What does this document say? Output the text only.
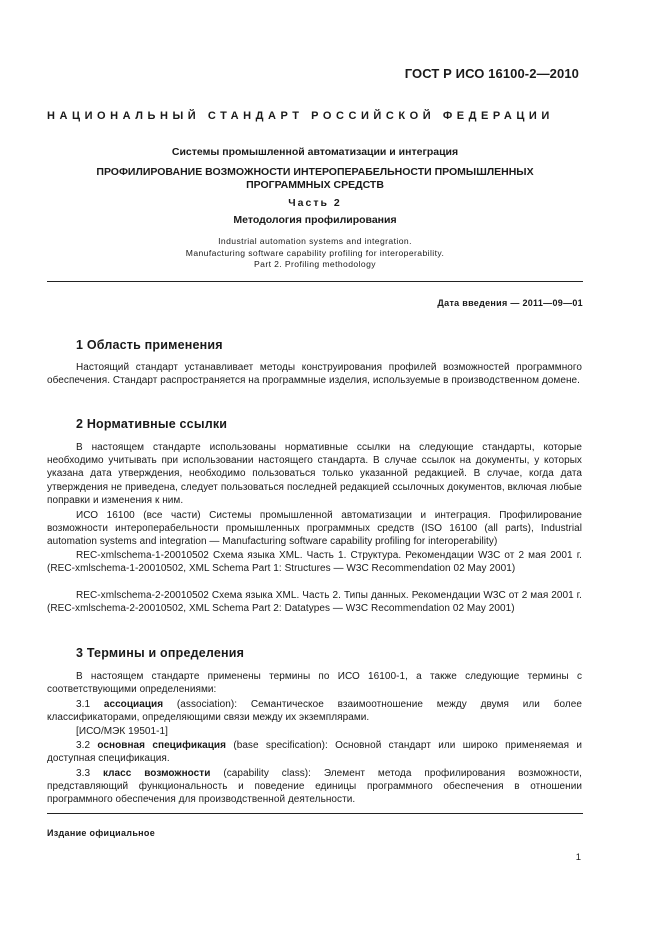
ГОСТ Р ИСО 16100-2—2010
НАЦИОНАЛЬНЫЙ СТАНДАРТ РОССИЙСКОЙ ФЕДЕРАЦИИ
Системы промышленной автоматизации и интеграция
ПРОФИЛИРОВАНИЕ ВОЗМОЖНОСТИ ИНТЕРОПЕРАБЕЛЬНОСТИ ПРОМЫШЛЕННЫХ
ПРОГРАММНЫХ СРЕДСТВ
Часть 2
Методология профилирования
Industrial automation systems and integration.
Manufacturing software capability profiling for interoperability.
Part 2. Profiling methodology
Дата введения — 2011—09—01
1 Область применения

Настоящий стандарт устанавливает методы конструирования профилей возможностей программного обеспечения. Стандарт распространяется на программные изделия, используемые в производственном домене.

2 Нормативные ссылки

В настоящем стандарте использованы нормативные ссылки на следующие стандарты, которые необходимо учитывать при использовании настоящего стандарта. В случае ссылок на документы, у которых указана дата утверждения, необходимо пользоваться только указанной редакцией. В случае, когда дата утверждения не приведена, следует пользоваться последней редакцией ссылочных документов, включая любые поправки и изменения к ним.

ИСО 16100 (все части) Системы промышленной автоматизации и интеграция. Профилирование возможности интероперабельности промышленных программных средств (ISO 16100 (all parts), Industrial automation systems and integration — Manufacturing software capability profiling for interoperability)

REC-xmlschema-1-20010502 Схема языка XML. Часть 1. Структура. Рекомендации W3C от 2 мая 2001 г. (REC-xmlschema-1-20010502, XML Schema Part 1: Structures — W3C Recommendation 02 May 2001)

REC-xmlschema-2-20010502 Схема языка XML. Часть 2. Типы данных. Рекомендации W3C от 2 мая 2001 г. (REC-xmlschema-2-20010502, XML Schema Part 2: Datatypes — W3C Recommendation 02 May 2001)

3 Термины и определения

В настоящем стандарте применены термины по ИСО 16100-1, а также следующие термины с соответствующими определениями:

3.1 ассоциация (association): Семантическое взаимоотношение между двумя или более классификаторами, определяющими связи между их экземплярами.

[ИСО/МЭК 19501-1]

3.2 основная спецификация (base specification): Основной стандарт или широко применяемая и доступная спецификация.

3.3 класс возможности (capability class): Элемент метода профилирования возможности, представляющий функциональность и поведение единицы программного обеспечения в отношении программного обеспечения для производственной деятельности.

Издание официальное
1
